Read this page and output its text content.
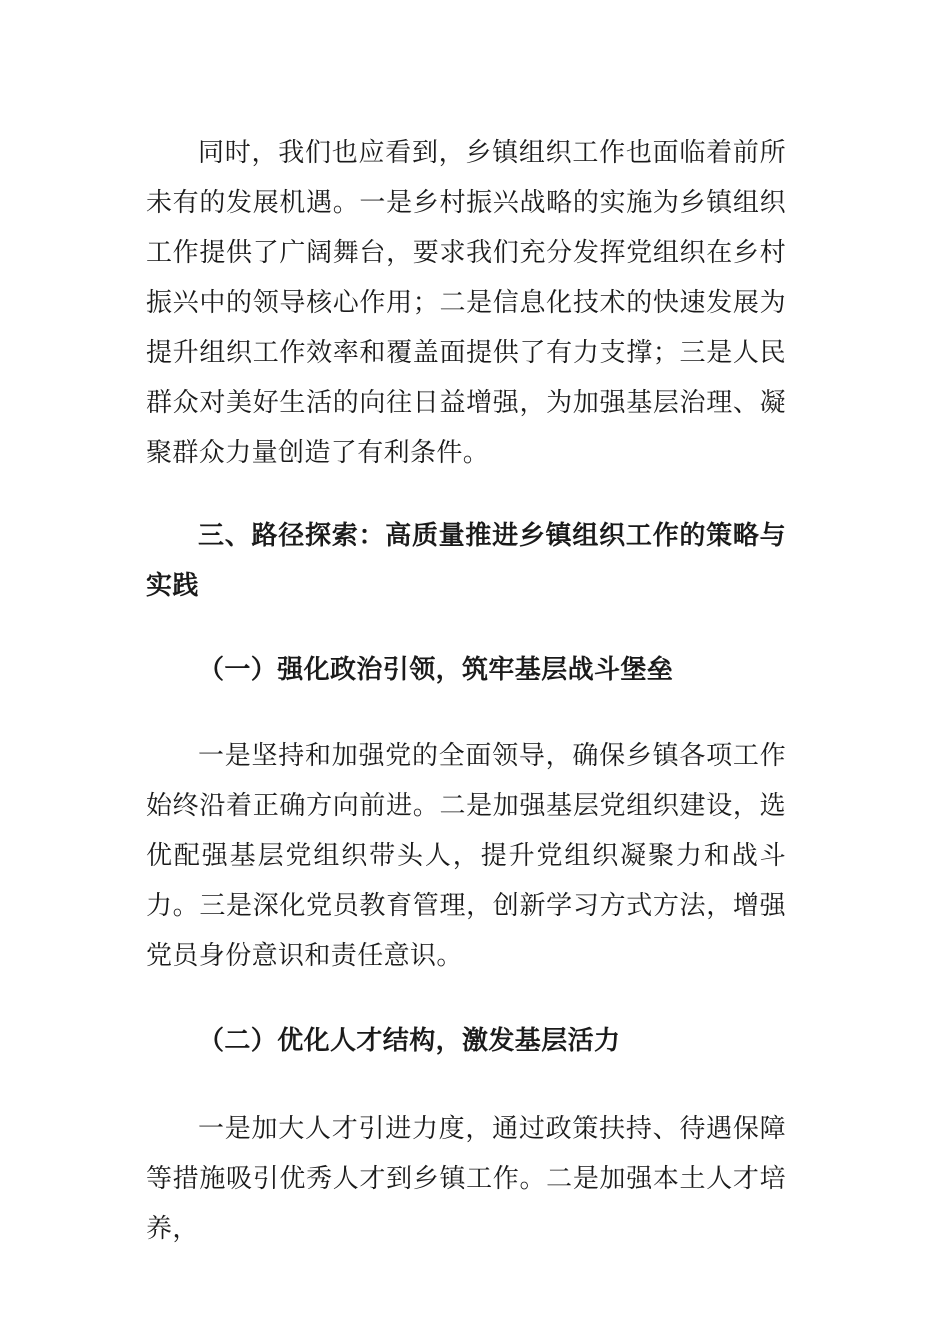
同时，我们也应看到，乡镇组织工作也面临着前所未有的发展机遇。一是乡村振兴战略的实施为乡镇组织工作提供了广阔舞台，要求我们充分发挥党组织在乡村振兴中的领导核心作用；二是信息化技术的快速发展为提升组织工作效率和覆盖面提供了有力支撑；三是人民群众对美好生活的向往日益增强，为加强基层治理、凝聚群众力量创造了有利条件。

三、路径探索：高质量推进乡镇组织工作的策略与实践

（一）强化政治引领，筑牢基层战斗堡垒

一是坚持和加强党的全面领导，确保乡镇各项工作始终沿着正确方向前进。二是加强基层党组织建设，选优配强基层党组织带头人，提升党组织凝聚力和战斗力。三是深化党员教育管理，创新学习方式方法，增强党员身份意识和责任意识。

（二）优化人才结构，激发基层活力

一是加大人才引进力度，通过政策扶持、待遇保障等措施吸引优秀人才到乡镇工作。二是加强本土人才培养，
